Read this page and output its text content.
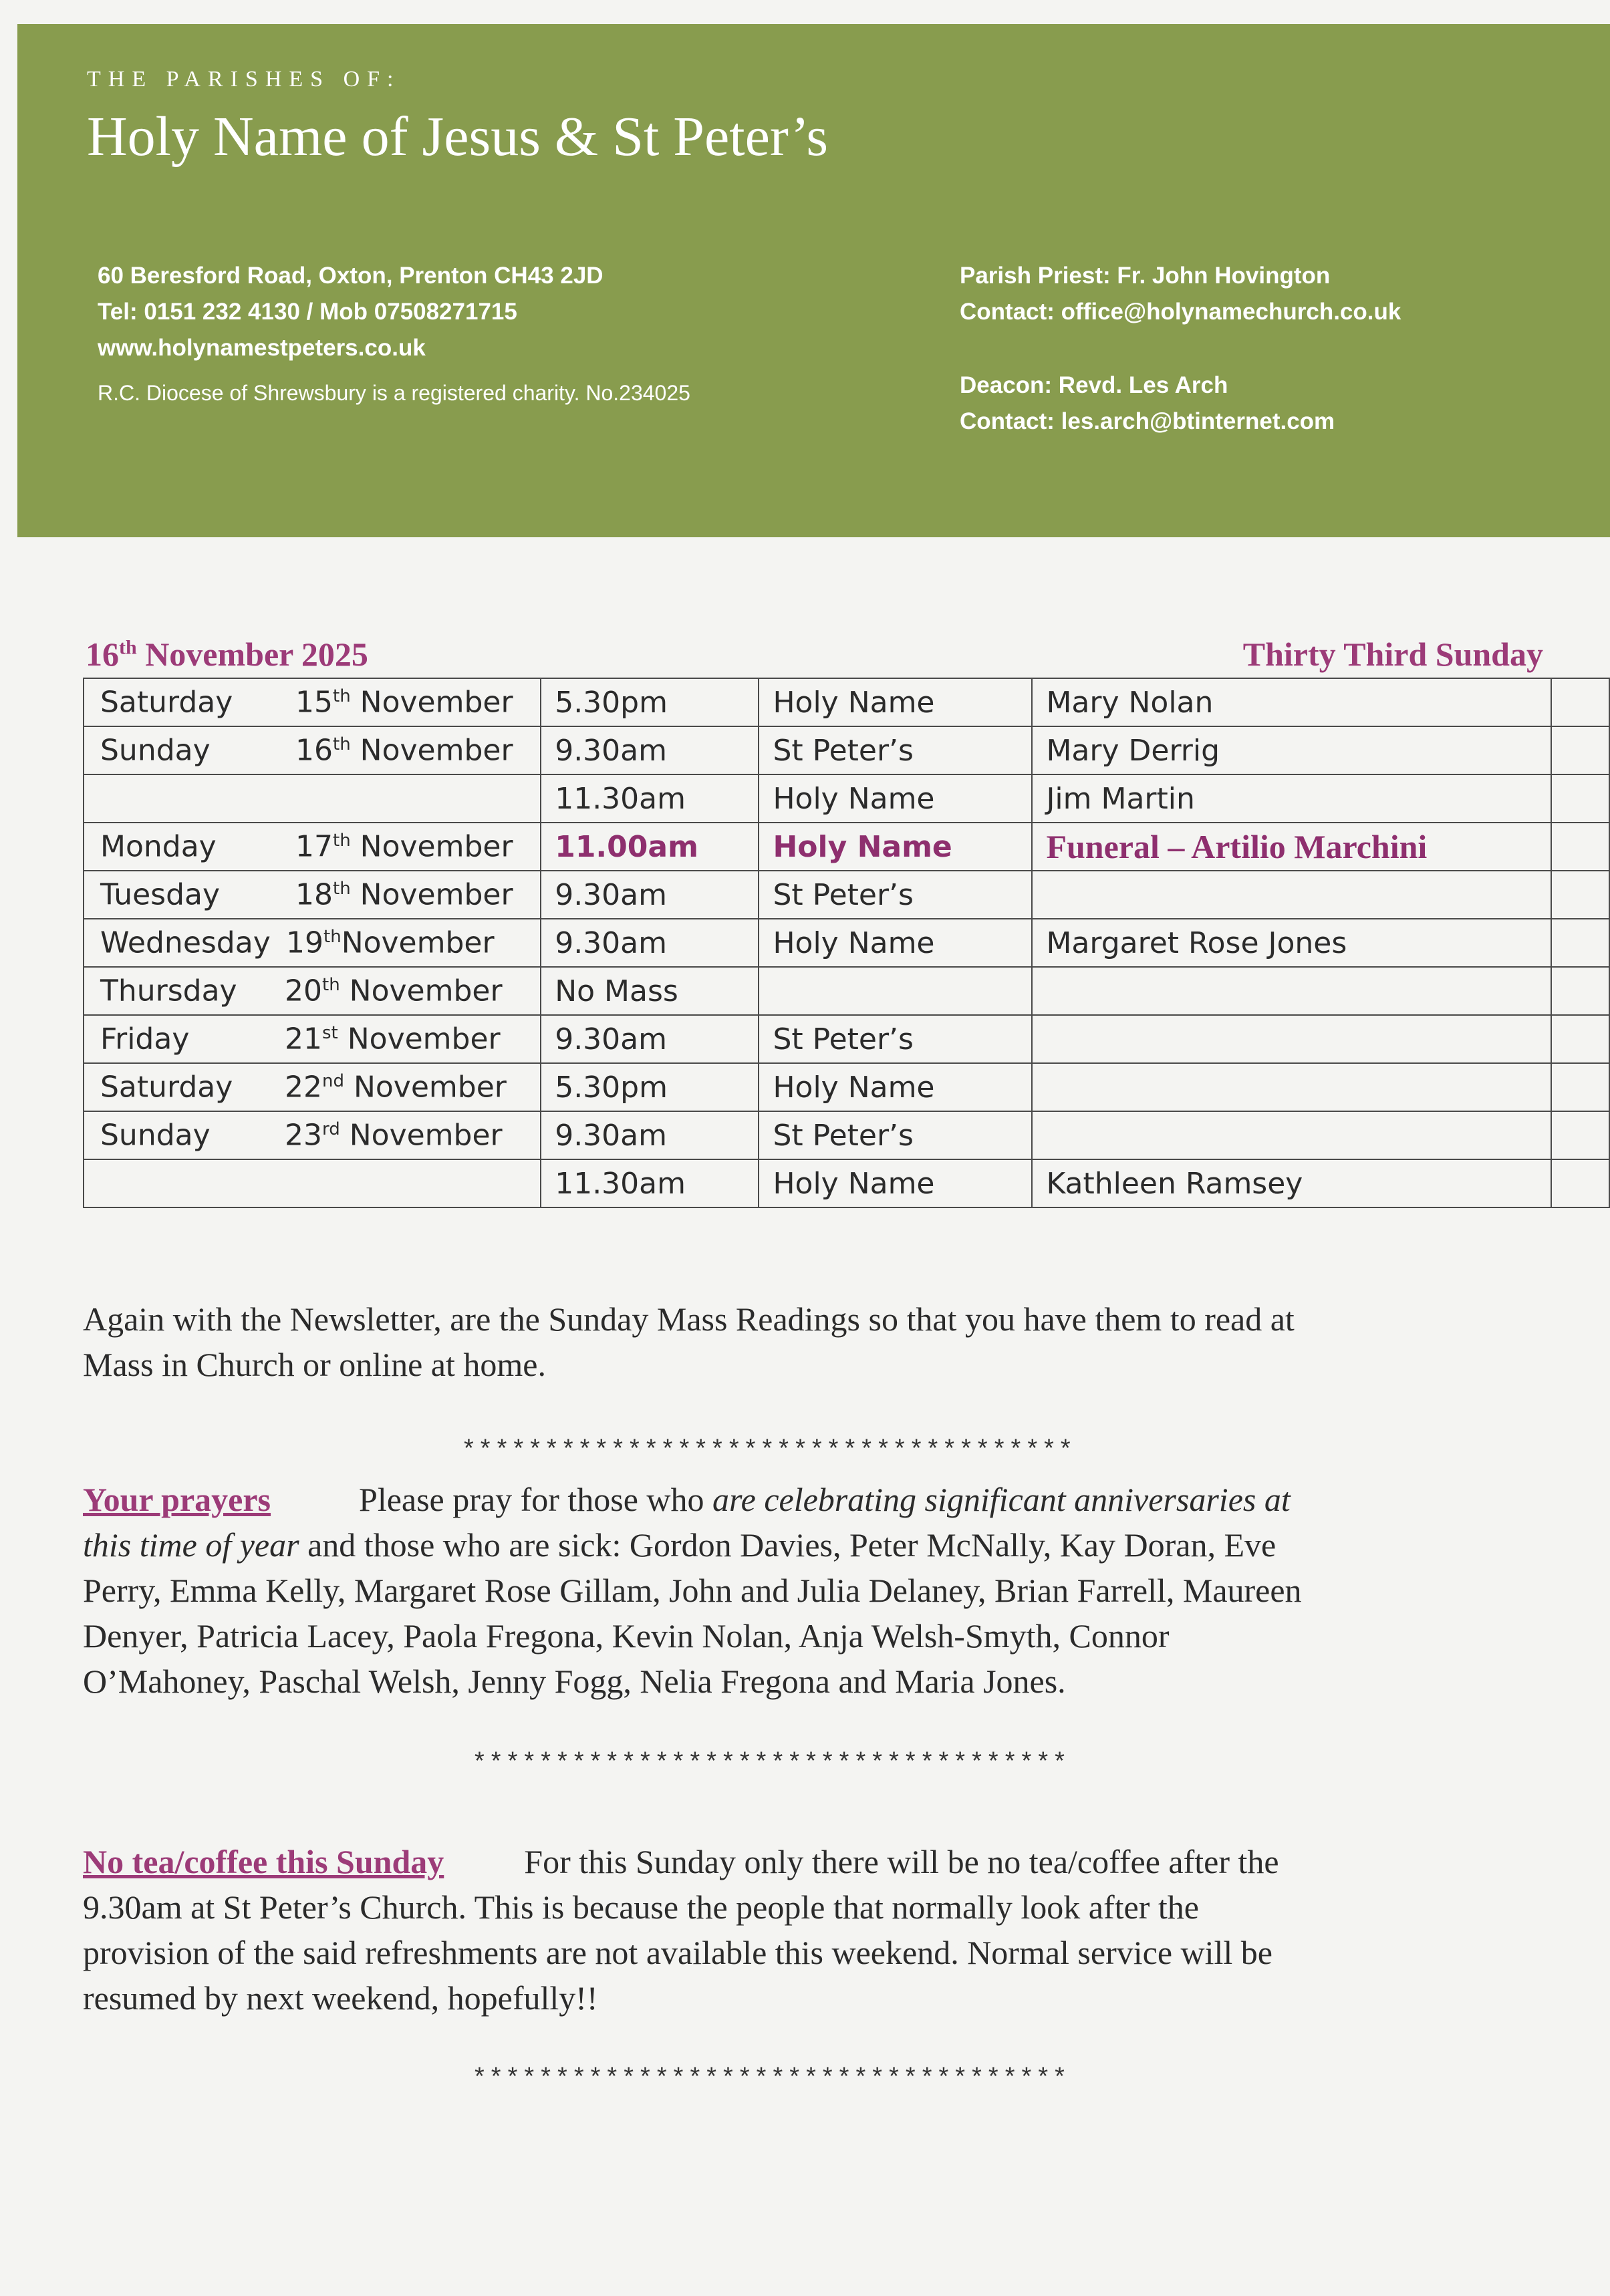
THE PARISHES OF:
Holy Name of Jesus & St Peter’s
60 Beresford Road, Oxton, Prenton CH43 2JD
Tel: 0151 232 4130 / Mob 07508271715
www.holynamestpeters.co.uk
R.C. Diocese of Shrewsbury is a registered charity. No.234025
Parish Priest: Fr. John Hovington
Contact: office@holynamechurch.co.uk
Deacon: Revd. Les Arch
Contact: les.arch@btinternet.com
16th November 2025	Thirty Third Sunday
Saturday 15th November	5.30pm	Holy Name	Mary Nolan	

Sunday 16th November	9.30am	St Peter’s	Mary Derrig	

	11.30am	Holy Name	Jim Martin	

Monday 17th November	11.00am	Holy Name	Funeral – Artilio Marchini	

Tuesday 18th November	9.30am	St Peter’s		

Wednesday 19thNovember	9.30am	Holy Name	Margaret Rose Jones	

Thursday 20th November	No Mass			

Friday 21st November	9.30am	St Peter’s		

Saturday 22nd November	5.30pm	Holy Name		

Sunday 23rd November	9.30am	St Peter’s		

	11.30am	Holy Name	Kathleen Ramsey	
Again with the Newsletter, are the Sunday Mass Readings so that you have them to read at
Mass in Church or online at home.
*************************************
Your prayers	Please pray for those who are celebrating significant anniversaries at
this time of year and those who are sick: Gordon Davies, Peter McNally, Kay Doran, Eve
Perry, Emma Kelly, Margaret Rose Gillam, John and Julia Delaney, Brian Farrell, Maureen
Denyer, Patricia Lacey, Paola Fregona, Kevin Nolan, Anja Welsh-Smyth, Connor
O’Mahoney, Paschal Welsh, Jenny Fogg, Nelia Fregona and Maria Jones.
************************************
No tea/coffee this Sunday For this Sunday only there will be no tea/coffee after the
9.30am at St Peter’s Church. This is because the people that normally look after the
provision of the said refreshments are not available this weekend. Normal service will be
resumed by next weekend, hopefully!!
************************************
